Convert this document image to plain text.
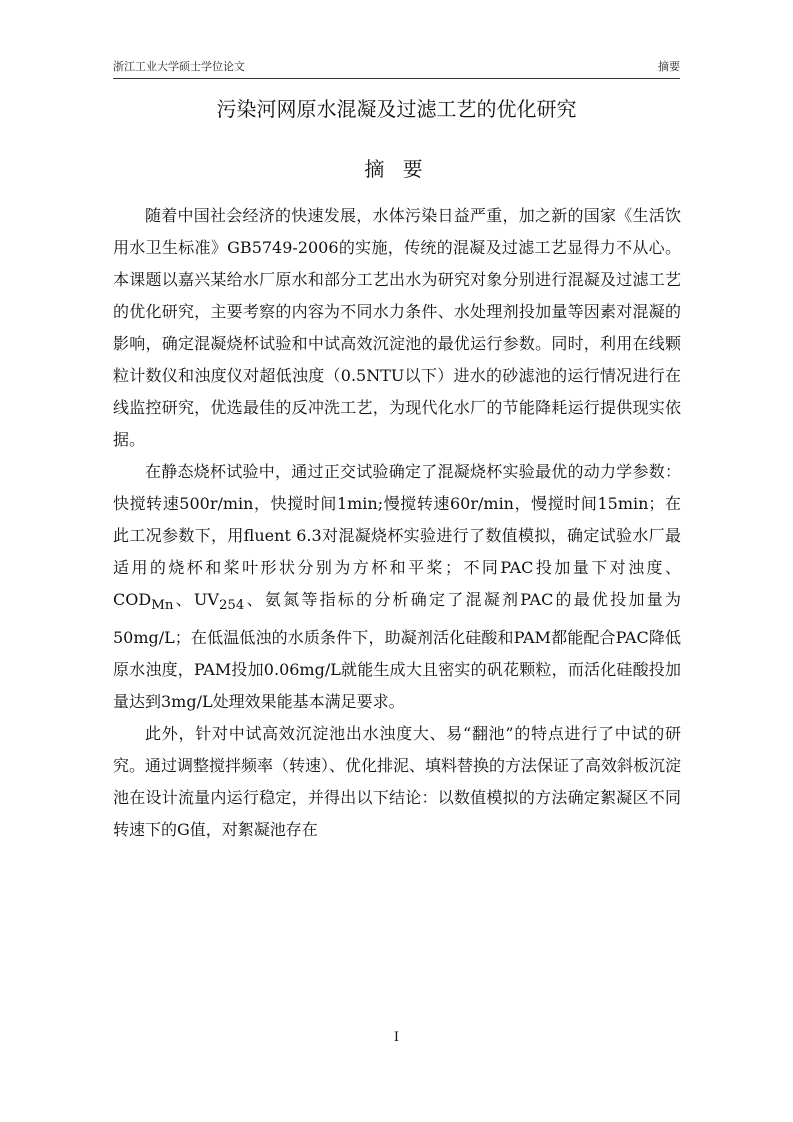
浙江工业大学硕士学位论文	摘要
污染河网原水混凝及过滤工艺的优化研究
摘 要

随着中国社会经济的快速发展，水体污染日益严重，加之新的国家《生活饮用水卫生标准》GB5749-2006的实施，传统的混凝及过滤工艺显得力不从心。本课题以嘉兴某给水厂原水和部分工艺出水为研究对象分别进行混凝及过滤工艺的优化研究，主要考察的内容为不同水力条件、水处理剂投加量等因素对混凝的影响，确定混凝烧杯试验和中试高效沉淀池的最优运行参数。同时，利用在线颗粒计数仪和浊度仪对超低浊度（0.5NTU以下）进水的砂滤池的运行情况进行在线监控研究，优选最佳的反冲洗工艺，为现代化水厂的节能降耗运行提供现实依据。

在静态烧杯试验中，通过正交试验确定了混凝烧杯实验最优的动力学参数：快搅转速500r/min，快搅时间1min;慢搅转速60r/min，慢搅时间15min；在此工况参数下，用fluent 6.3对混凝烧杯实验进行了数值模拟，确定试验水厂最适用的烧杯和桨叶形状分别为方杯和平桨；不同PAC投加量下对浊度、$COD_{Mn}$、$UV_{254}$、氨氮等指标的分析确定了混凝剂PAC的最优投加量为50mg/L；在低温低浊的水质条件下，助凝剂活化硅酸和PAM都能配合PAC降低原水浊度，PAM投加0.06mg/L就能生成大且密实的矾花颗粒，而活化硅酸投加量达到3mg/L处理效果能基本满足要求。

此外，针对中试高效沉淀池出水浊度大、易“翻池”的特点进行了中试的研究。通过调整搅拌频率（转速）、优化排泥、填料替换的方法保证了高效斜板沉淀池在设计流量内运行稳定，并得出以下结论：以数值模拟的方法确定絮凝区不同转速下的G值，对絮凝池存在

I
